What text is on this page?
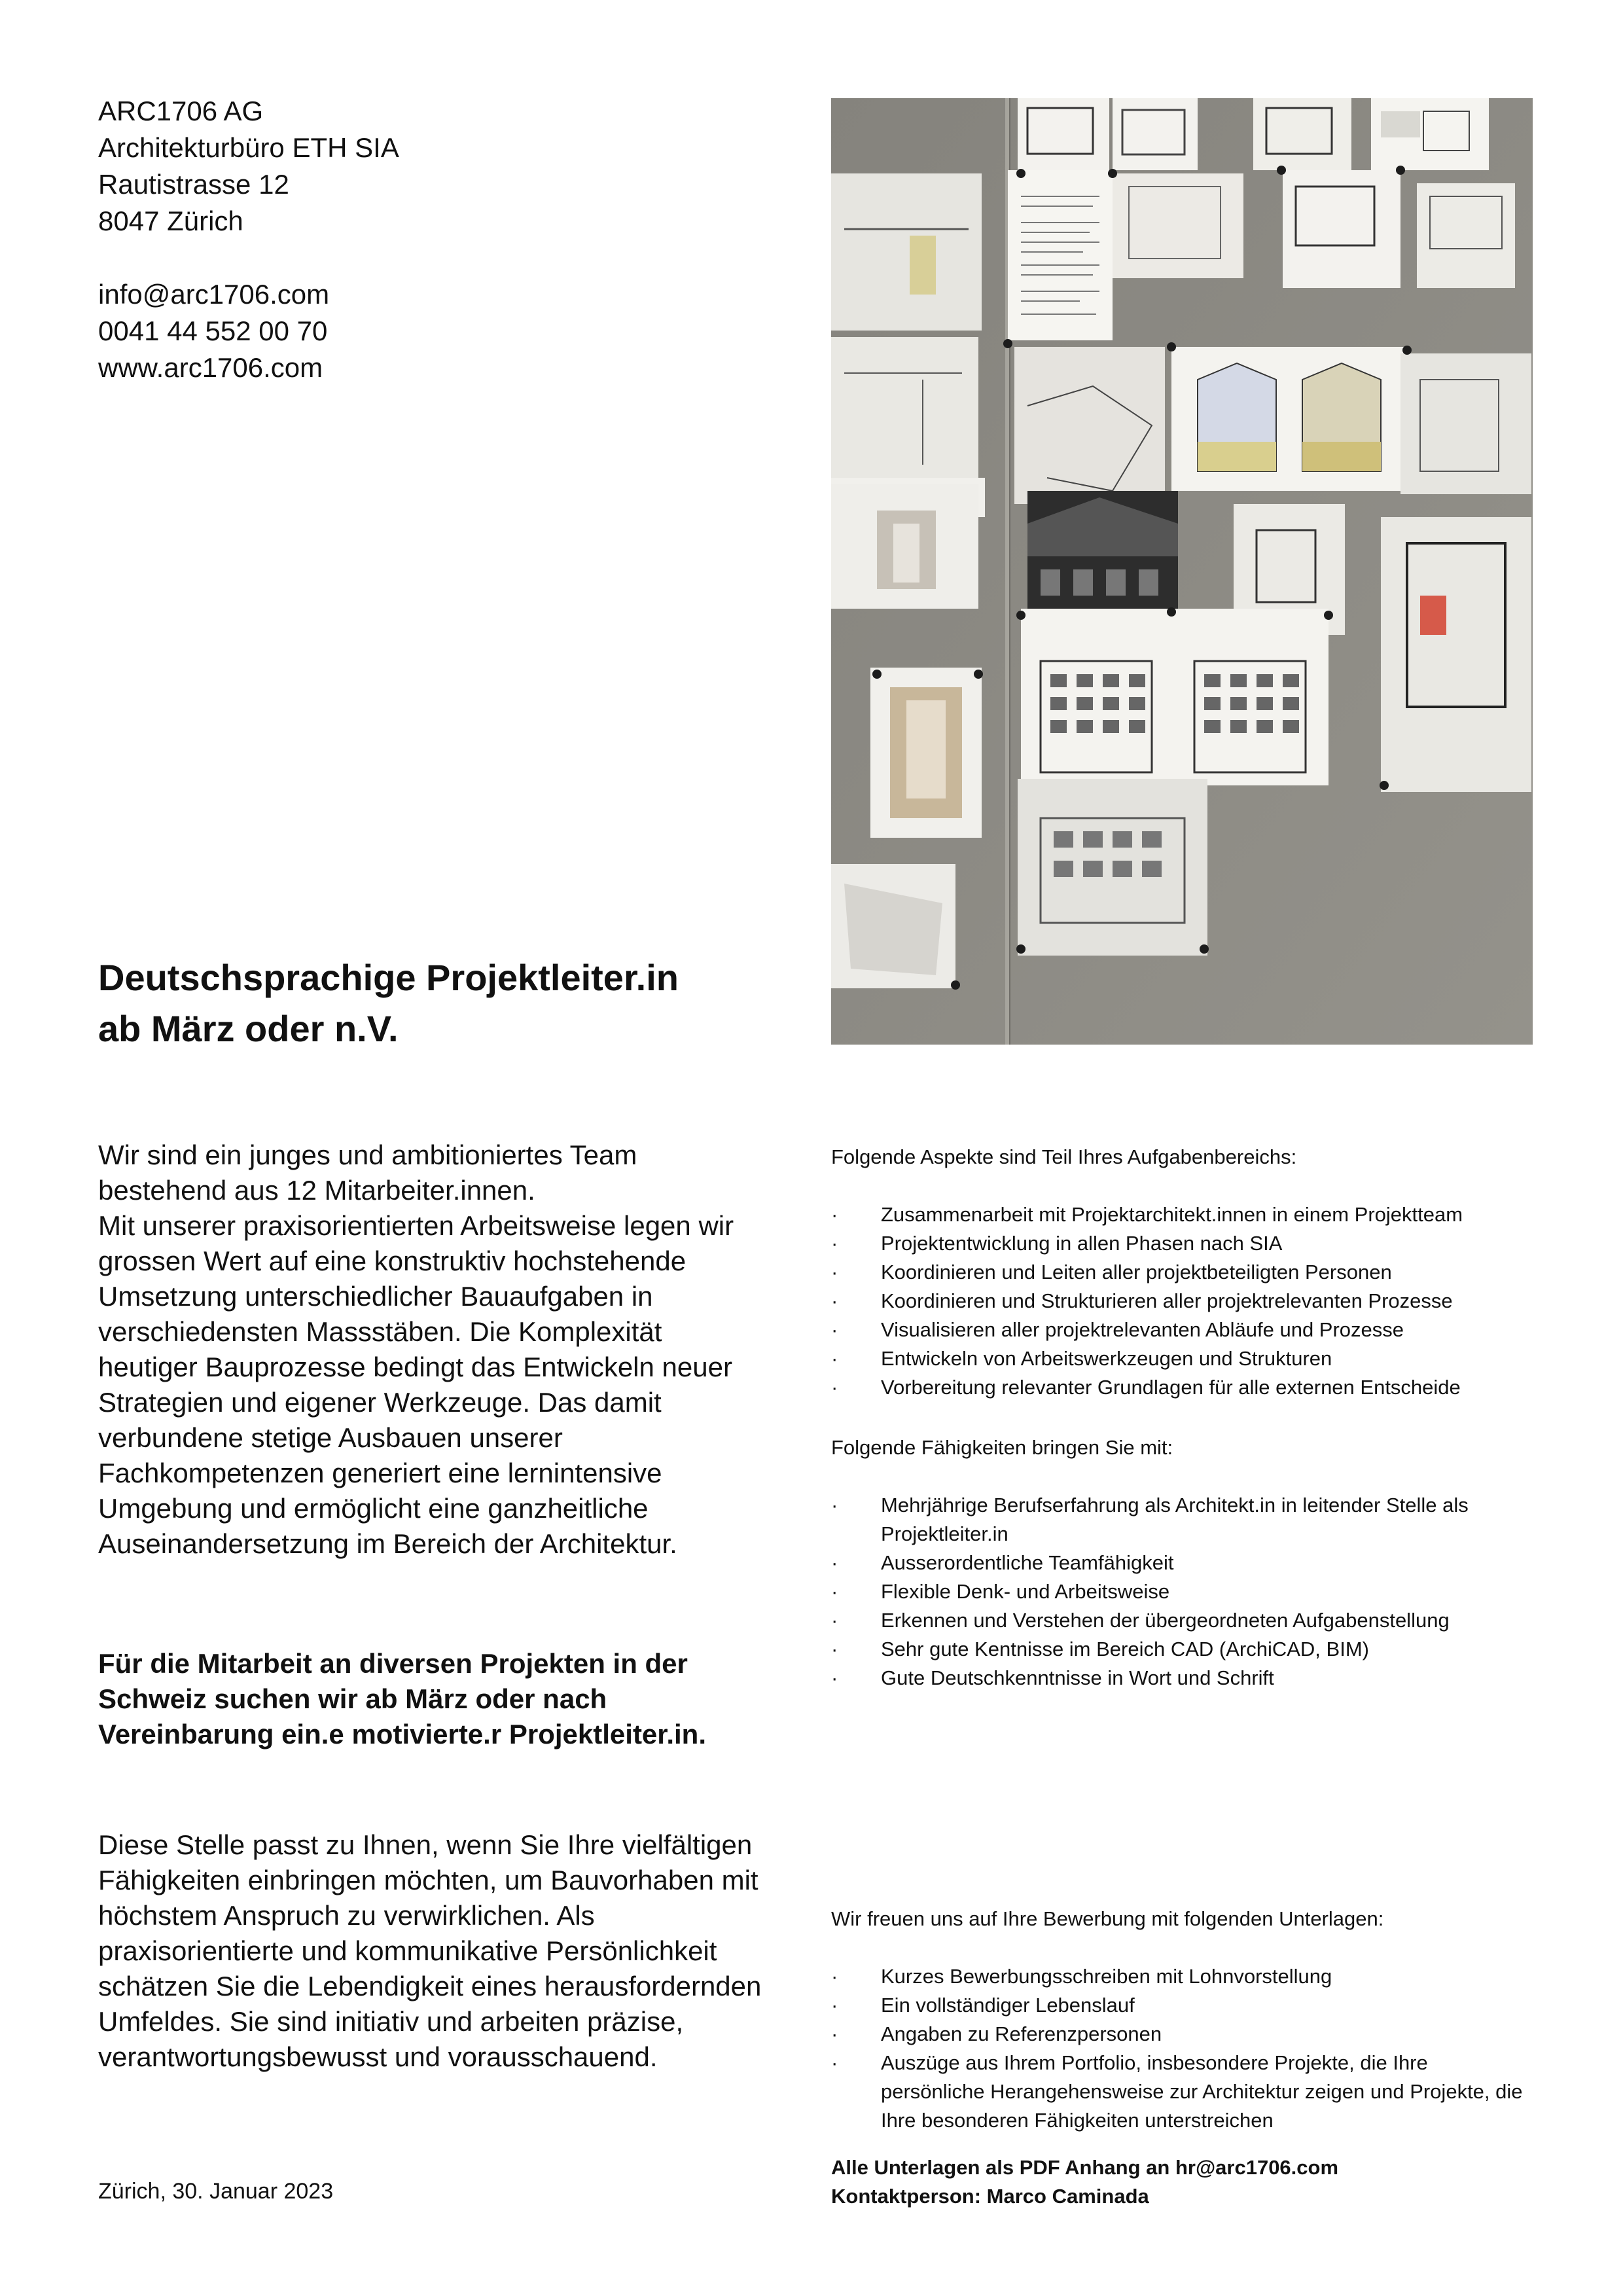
ARC1706 AG
Architekturbüro ETH SIA
Rautistrasse 12
8047 Zürich
info@arc1706.com
0041 44 552 00 70
www.arc1706.com
Deutschsprachige Projektleiter.in
ab März oder n.V.

Wir sind ein junges und ambitioniertes Team bestehend aus 12 Mitarbeiter.innen.

Mit unserer praxisorientierten Arbeitsweise legen wir grossen Wert auf eine konstruktiv hochstehende Umsetzung unterschiedlicher Bauaufgaben in verschiedensten Massstäben. Die Komplexität heutiger Bauprozesse bedingt das Entwickeln neuer Strategien und eigener Werkzeuge. Das damit verbundene stetige Ausbauen unserer Fachkompetenzen generiert eine lernintensive Umgebung und ermöglicht eine ganzheitliche Auseinandersetzung im Bereich der Architektur.

Für die Mitarbeit an diversen Projekten in der Schweiz suchen wir ab März oder nach Vereinbarung ein.e motivierte.r Projektleiter.in.
Diese Stelle passt zu Ihnen, wenn Sie Ihre vielfältigen Fähigkeiten einbringen möchten, um Bauvorhaben mit höchstem Anspruch zu verwirklichen. Als praxisorientierte und kommunikative Persönlichkeit schätzen Sie die Lebendigkeit eines herausfordernden Umfeldes. Sie sind initiativ und arbeiten präzise, verantwortungsbewusst und vorausschauend.
Zürich, 30. Januar 2023

Folgende Aspekte sind Teil Ihres Aufgabenbereichs:

· Zusammenarbeit mit Projektarchitekt.innen in einem Projektteam
· Projektentwicklung in allen Phasen nach SIA
· Koordinieren und Leiten aller projektbeteiligten Personen
· Koordinieren und Strukturieren aller projektrelevanten Prozesse
· Visualisieren aller projektrelevanten Abläufe und Prozesse
· Entwickeln von Arbeitswerkzeugen und Strukturen
· Vorbereitung relevanter Grundlagen für alle externen Entscheide

Folgende Fähigkeiten bringen Sie mit:

· Mehrjährige Berufserfahrung als Architekt.in in leitender Stelle als Projektleiter.in
· Ausserordentliche Teamfähigkeit
· Flexible Denk- und Arbeitsweise
· Erkennen und Verstehen der übergeordneten Aufgabenstellung
· Sehr gute Kentnisse im Bereich CAD (ArchiCAD, BIM)
· Gute Deutschkenntnisse in Wort und Schrift

Wir freuen uns auf Ihre Bewerbung mit folgenden Unterlagen:

· Kurzes Bewerbungsschreiben mit Lohnvorstellung
· Ein vollständiger Lebenslauf
· Angaben zu Referenzpersonen
· Auszüge aus Ihrem Portfolio, insbesondere Projekte, die Ihre persönliche Herangehensweise zur Architektur zeigen und Projekte, die Ihre besonderen Fähigkeiten unterstreichen
Alle Unterlagen als PDF Anhang an hr@arc1706.com
Kontaktperson: Marco Caminada
